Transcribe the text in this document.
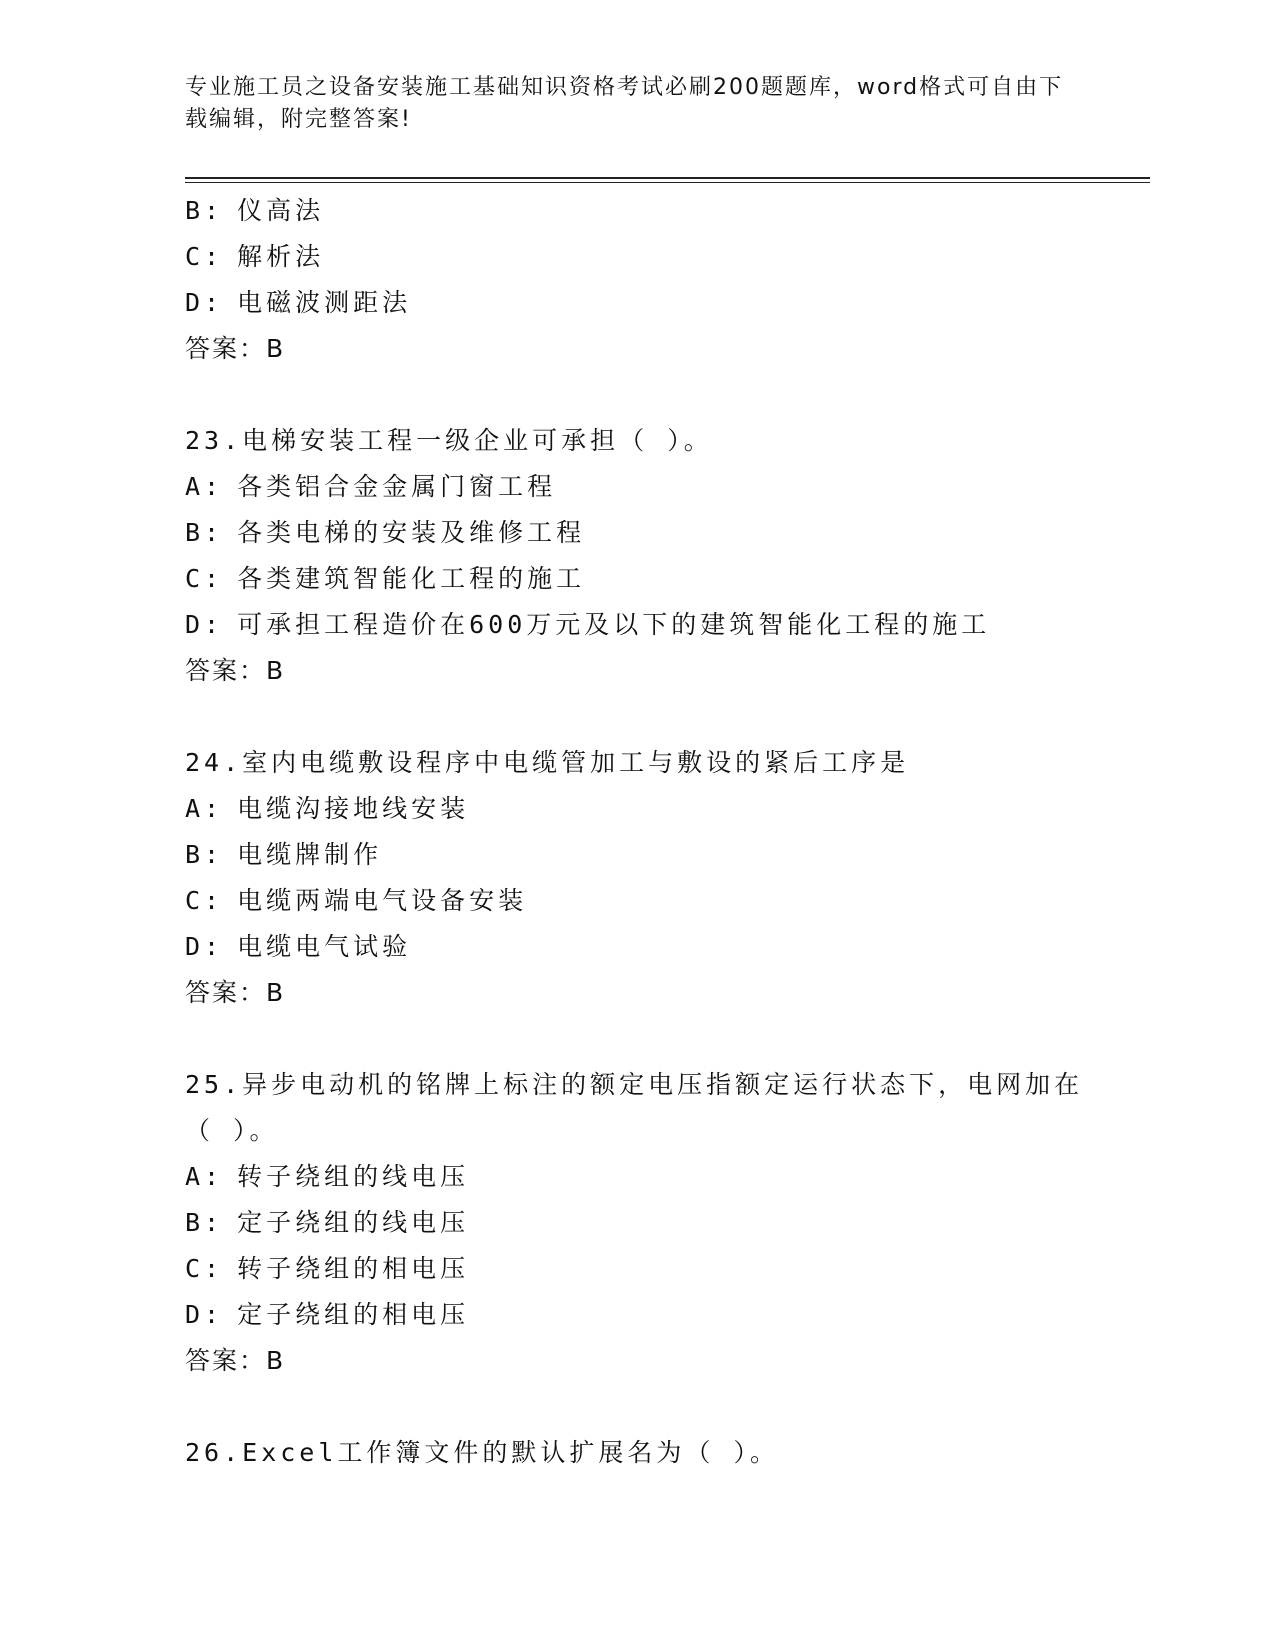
专业施工员之设备安装施工基础知识资格考试必刷200题题库，word格式可自由下载编辑，附完整答案!
B: 仪高法
C: 解析法
D: 电磁波测距法
答案：B
23.电梯安装工程一级企业可承担（ ）。
A: 各类铝合金金属门窗工程
B: 各类电梯的安装及维修工程
C: 各类建筑智能化工程的施工
D: 可承担工程造价在600万元及以下的建筑智能化工程的施工
答案：B
24.室内电缆敷设程序中电缆管加工与敷设的紧后工序是
A: 电缆沟接地线安装
B: 电缆牌制作
C: 电缆两端电气设备安装
D: 电缆电气试验
答案：B
25.异步电动机的铭牌上标注的额定电压指额定运行状态下，电网加在（ ）。
A: 转子绕组的线电压
B: 定子绕组的线电压
C: 转子绕组的相电压
D: 定子绕组的相电压
答案：B
26.Excel工作簿文件的默认扩展名为（ ）。
